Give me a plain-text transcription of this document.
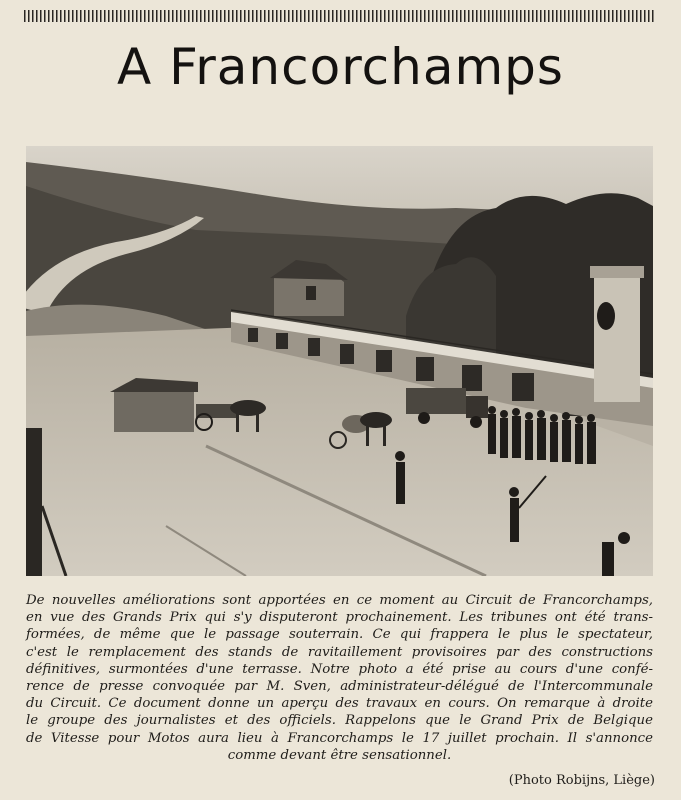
A Francorchamps
De nouvelles améliorations sont apportées en ce moment au Circuit de Francorchamps,
en vue des Grands Prix qui s'y disputeront prochainement. Les tribunes ont été trans-
formées, de même que le passage souterrain. Ce qui frappera le plus le spectateur,
c'est le remplacement des stands de ravitaillement provisoires par des constructions
définitives, surmontées d'une terrasse. Notre photo a été prise au cours d'une confé-
rence de presse convoquée par M. Sven, administrateur-délégué de l'Intercommunale
du Circuit. Ce document donne un aperçu des travaux en cours. On remarque à droite
le groupe des journalistes et des officiels. Rappelons que le Grand Prix de Belgique
de Vitesse pour Motos aura lieu à Francorchamps le 17 juillet prochain. Il s'annonce
comme devant être sensationnel.
(Photo Robijns, Liège)
